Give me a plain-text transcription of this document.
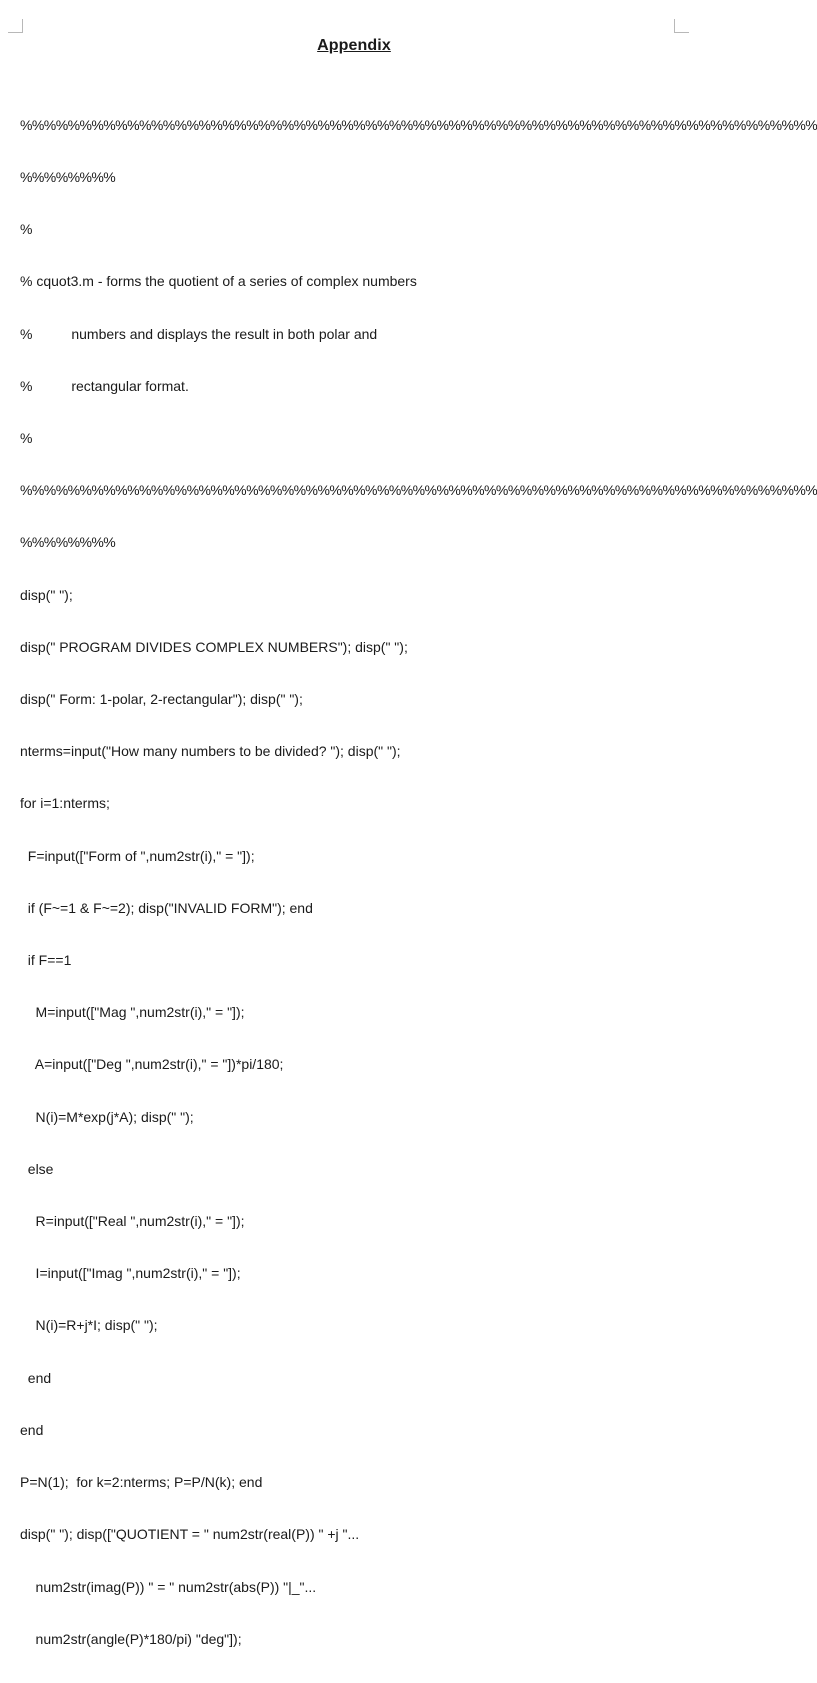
Appendix

%%%%%%%%%%%%%%%%%%%%%%%%%%%%%%%%%%%%%%%%%%%%%%%%%%%%%%%%%%%%%%%%%%%

%%%%%%%%

%

% cquot3.m - forms the quotient of a series of complex numbers

%          numbers and displays the result in both polar and

%          rectangular format.

%

%%%%%%%%%%%%%%%%%%%%%%%%%%%%%%%%%%%%%%%%%%%%%%%%%%%%%%%%%%%%%%%%%%%

%%%%%%%%

disp(" ");

disp(" PROGRAM DIVIDES COMPLEX NUMBERS"); disp(" ");

disp(" Form: 1-polar, 2-rectangular"); disp(" ");

nterms=input("How many numbers to be divided? "); disp(" ");

for i=1:nterms;

F=input(["Form of ",num2str(i)," = "]);

if (F~=1 & F~=2); disp("INVALID FORM"); end

if F==1

M=input(["Mag ",num2str(i)," = "]);

A=input(["Deg ",num2str(i)," = "])*pi/180;

N(i)=M*exp(j*A); disp(" ");

else

R=input(["Real ",num2str(i)," = "]);

I=input(["Imag ",num2str(i)," = "]);

N(i)=R+j*I; disp(" ");

end

end

P=N(1);  for k=2:nterms; P=P/N(k); end

disp(" "); disp(["QUOTIENT = " num2str(real(P)) " +j "...

num2str(imag(P)) " = " num2str(abs(P)) "|_"...

num2str(angle(P)*180/pi) "deg"]);
